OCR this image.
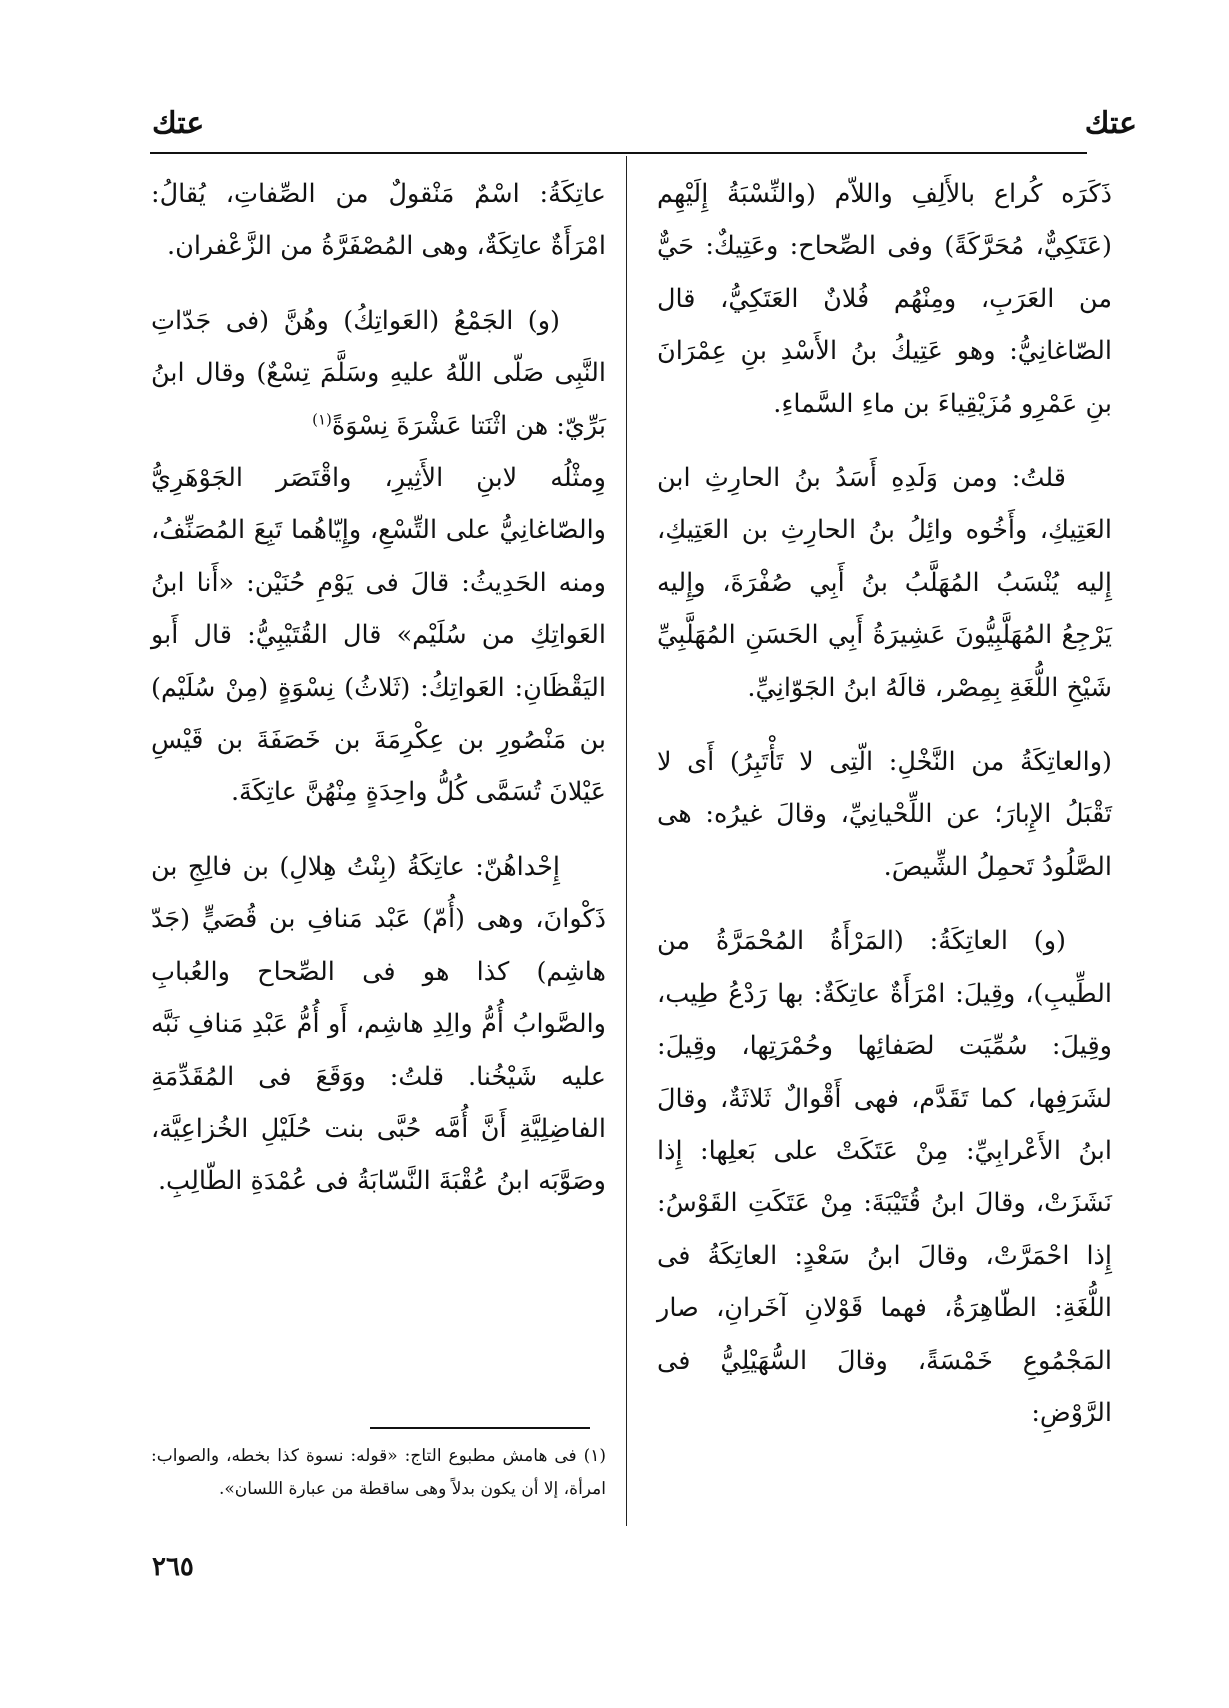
عتك
عتك

ذَكَرَه كُراع بالأَلِفِ واللاّم (والنِّسْبَةُ إِلَيْهِم (عَتَكِيٌّ، مُحَرَّكَةً) وفى الصِّحاح: وعَتِيكٌ: حَيٌّ من العَرَبِ، ومِنْهُم فُلانٌ العَتَكِيُّ، قال الصّاغانِيُّ: وهو عَتِيكُ بنُ الأَسْدِ بنِ عِمْرَانَ بنِ عَمْرِو مُزَيْقِياءَ بن ماءِ السَّماءِ.

قلتُ: ومن وَلَدِهِ أَسَدُ بنُ الحارِثِ ابن العَتِيكِ، وأَخُوه وائِلُ بنُ الحارِثِ بن العَتِيكِ، إِليه يُنْسَبُ المُهَلَّبُ بنُ أَبِي صُفْرَةَ، وإِليه يَرْجِعُ المُهَلَّبِيُّونَ عَشِيرَةُ أَبِي الحَسَنِ المُهَلَّبِيِّ شَيْخِ اللُّغَةِ بِمِصْر، قالَهُ ابنُ الجَوّانِيِّ.

(والعاتِكَةُ من النَّخْلِ: الّتِى لا تَأْتَبِرُ) أَى لا تَقْبَلُ الإِبارَ؛ عن اللِّحْيانِيِّ، وقالَ غيرُه: هى الصَّلُودُ تَحمِلُ الشِّيصَ.

(و) العاتِكَةُ: (المَرْأَةُ المُحْمَرَّةُ من الطِّيبِ)، وقِيلَ: امْرَأَةٌ عاتِكَةٌ: بها رَدْعُ طِيب، وقِيلَ: سُمِّيَت لصَفائِها وحُمْرَتِها، وقِيلَ: لشَرَفِها، كما تَقَدَّم، فهى أَقْوالٌ ثَلاثَةٌ، وقالَ ابنُ الأَعْرابِيِّ: مِنْ عَتَكَتْ على بَعلِها: إِذا نَشَزَتْ، وقالَ ابنُ قُتَيْبَةَ: مِنْ عَتَكَتِ القَوْسُ: إِذا احْمَرَّتْ، وقالَ ابنُ سَعْدٍ: العاتِكَةُ فى اللُّغَةِ: الطّاهِرَةُ، فهما قَوْلانِ آخَرانِ، صار المَجْمُوعِ خَمْسَةً، وقالَ السُّهَيْلِيُّ فى الرَّوْضِ:

عاتِكَةُ: اسْمٌ مَنْقولٌ من الصِّفاتِ، يُقالُ: امْرَأَةٌ عاتِكَةٌ، وهى المُصْفَرَّةُ من الزَّعْفران.

(و) الجَمْعُ (العَواتِكُ) وهُنَّ (فى جَدّاتِ النَّبِى صَلّى اللّهُ عليهِ وسَلَّمَ تِسْعٌ) وقال ابنُ بَرِّيّ: هن اثْنَتا عَشْرَةَ نِسْوَةً$^{(١)}$

وِمثْلُه لابنِ الأَثِيرِ، واقْتَصَر الجَوْهَرِيُّ والصّاغانِيُّ على التِّسْعِ، وإِيّاهُما تَبِعَ المُصَنِّفُ، ومنه الحَدِيثُ: قالَ فى يَوْمِ حُنَيْن: «أَنا ابنُ العَواتِكِ من سُلَيْم» قال القُتَيْبِيُّ: قال أَبو اليَقْظَانِ: العَواتِكُ: (ثَلاثُ) نِسْوَةٍ (مِنْ سُلَيْم) بن مَنْصُورِ بن عِكْرِمَةَ بن خَصَفَةَ بن قَيْسِ عَيْلانَ تُسَمَّى كُلُّ واحِدَةٍ مِنْهُنَّ عاتِكَةَ.

إِحْداهُنّ: عاتِكَةُ (بِنْتُ هِلالِ) بن فالِجِ بن ذَكْوانَ، وهى (أُمّ) عَبْد مَنافِ بن قُصَيٍّ (جَدّ هاشِم) كذا هو فى الصِّحاح والعُبابِ والصَّوابُ أُمُّ والِدِ هاشِم، أَو أُمُّ عَبْدِ مَنافِ نَبَّه عليه شَيْخُنا. قلتُ: ووَقَعَ فى المُقَدِّمَةِ الفاضِلِيَّةِ أَنَّ أُمَّه حُبَّى بنت حُلَيْلِ الخُزاعِيَّة، وصَوَّبَه ابنُ عُقْبَةَ النَّسّابَةُ فى عُمْدَةِ الطّالِبِ.

(١) فى هامش مطبوع التاج: «قوله: نسوة كذا بخطه، والصواب: امرأة، إلا أن يكون بدلاً وهى ساقطة من عبارة اللسان».
٢٦٥
